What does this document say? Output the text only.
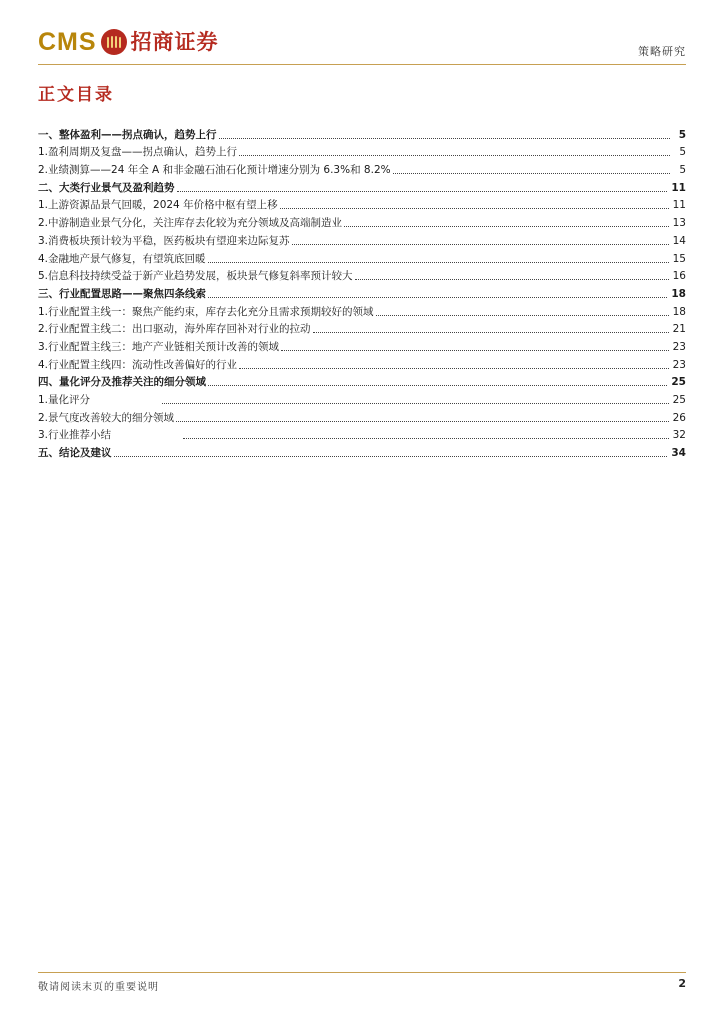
CMS 招商证券	策略研究
正文目录
一、整体盈利——拐点确认，趋势上行	5
1.盈利周期及复盘——拐点确认，趋势上行	5
2.业绩测算——24 年全 A 和非金融石油石化预计增速分别为 6.3%和 8.2%	5
二、大类行业景气及盈利趋势	11
1.上游资源品景气回暖，2024 年价格中枢有望上移	11
2.中游制造业景气分化，关注库存去化较为充分领域及高端制造业	13
3.消费板块预计较为平稳，医药板块有望迎来边际复苏	14
4.金融地产景气修复，有望筑底回暖	15
5.信息科技持续受益于新产业趋势发展，板块景气修复斜率预计较大	16
三、行业配置思路——聚焦四条线索	18
1.行业配置主线一：聚焦产能约束，库存去化充分且需求预期较好的领域	18
2.行业配置主线二：出口驱动，海外库存回补对行业的拉动	21
3.行业配置主线三：地产产业链相关预计改善的领域	23
4.行业配置主线四：流动性改善偏好的行业	23
四、量化评分及推荐关注的细分领域	25
1.量化评分	25
2.景气度改善较大的细分领域	26
3.行业推荐小结	32
五、结论及建议	34
敬请阅读末页的重要说明	2
